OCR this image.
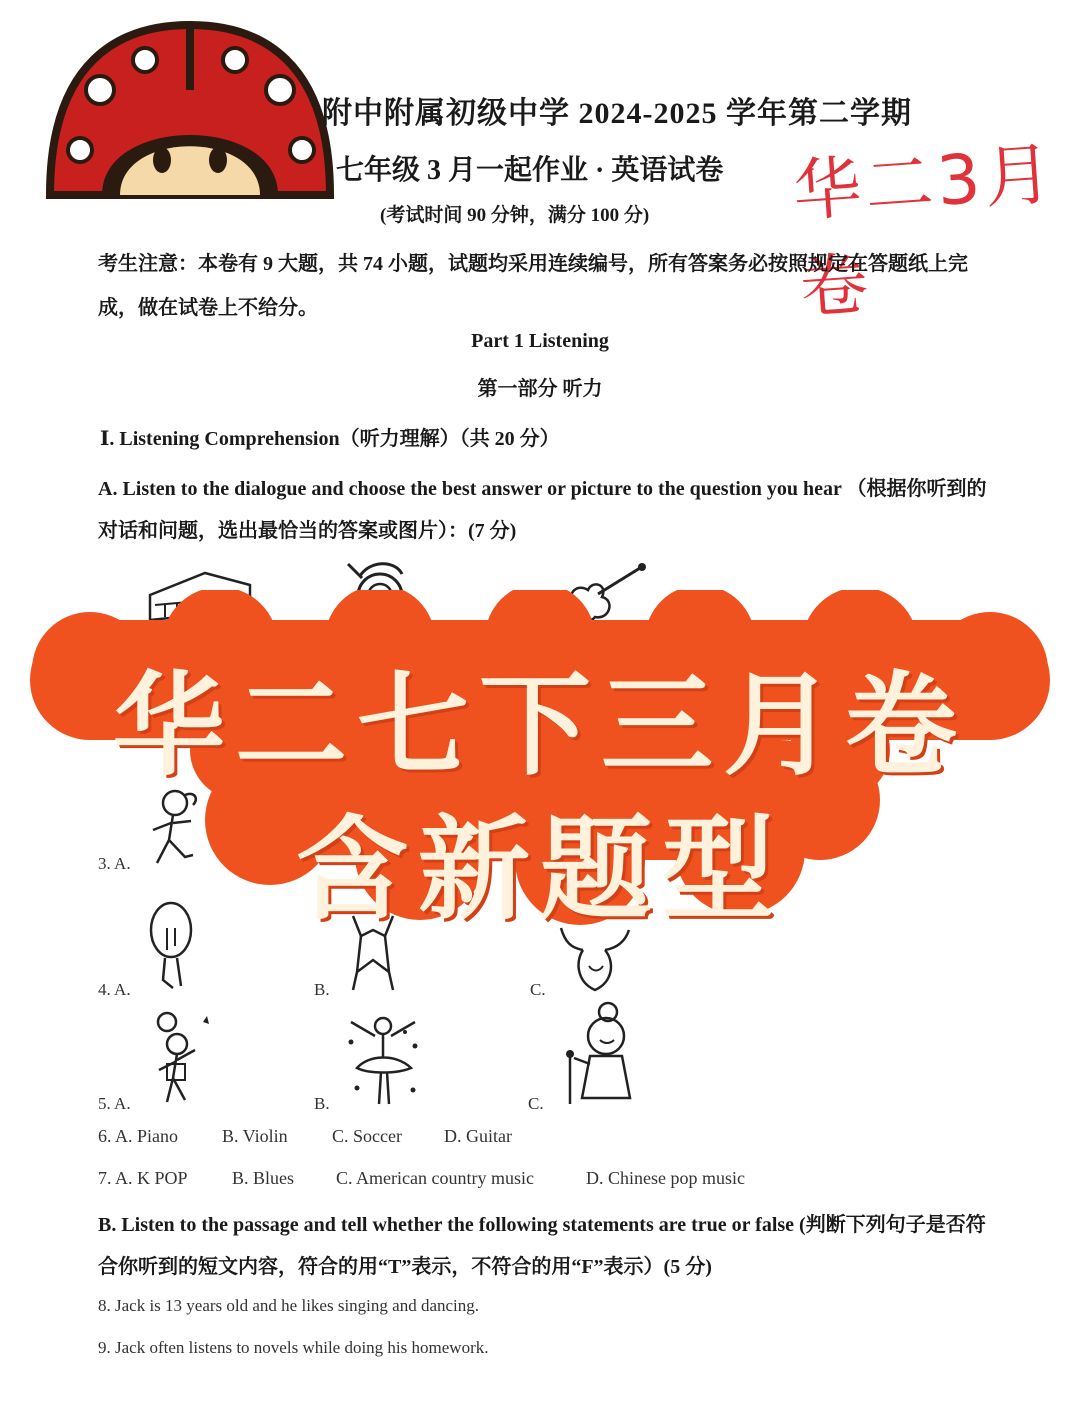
附中附属初级中学 2024-2025 学年第二学期
七年级 3 月一起作业 · 英语试卷 华二3月卷
(考试时间 90 分钟，满分 100 分)
考生注意：本卷有 9 大题，共 74 小题，试题均采用连续编号，所有答案务必按照规定在答题纸上完成，做在试卷上不给分。
Part 1 Listening
第一部分 听力
Ⅰ. Listening Comprehension（听力理解）（共 20 分）
A. Listen to the dialogue and choose the best answer or picture to the question you hear （根据你听到的对话和问题，选出最恰当的答案或图片）：(7 分)
3. A.
4. A.	B.	C.
5. A.	B.	C.
6. A. Piano B. Violin C. Soccer D. Guitar
7. A. K POP B. Blues C. American country music	D. Chinese pop music
B. Listen to the passage and tell whether the following statements are true or false (判断下列句子是否符合你听到的短文内容，符合的用“T”表示，不符合的用“F”表示）(5 分)
8. Jack is 13 years old and he likes singing and dancing.
9. Jack often listens to novels while doing his homework.
华二七下三月卷
含新题型
